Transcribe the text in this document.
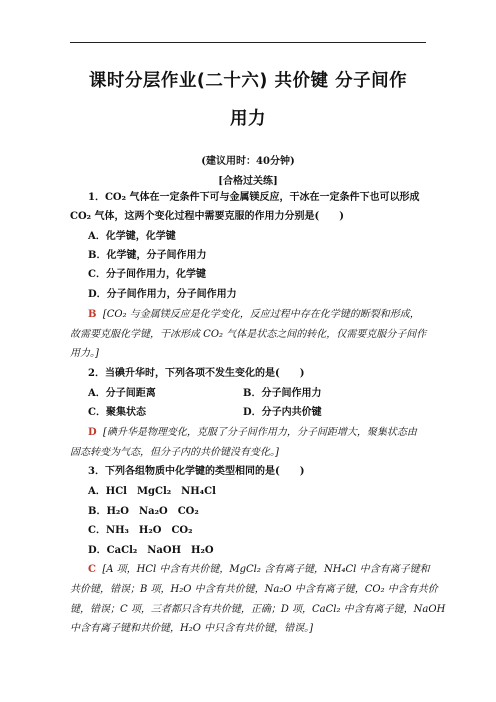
课时分层作业(二十六) 共价键 分子间作
用力
(建议用时：40分钟)
[合格过关练]
1．CO₂ 气体在一定条件下可与金属镁反应，干冰在一定条件下也可以形成
CO₂ 气体，这两个变化过程中需要克服的作用力分别是(　　)
A．化学键，化学键
B．化学键，分子间作用力
C．分子间作用力，化学键
D．分子间作用力，分子间作用力
B [CO₂ 与金属镁反应是化学变化，反应过程中存在化学键的断裂和形成，
故需要克服化学键，干冰形成 CO₂ 气体是状态之间的转化，仅需要克服分子间作
用力。]
2．当碘升华时，下列各项不发生变化的是(　　)
A．分子间距离	B．分子间作用力
C．聚集状态	D．分子内共价键
D [碘升华是物理变化，克服了分子间作用力，分子间距增大，聚集状态由
固态转变为气态，但分子内的共价键没有变化。]
3．下列各组物质中化学键的类型相同的是(　　)
A．HCl　MgCl₂　NH₄Cl
B．H₂O　Na₂O　CO₂
C．NH₃　H₂O　CO₂
D．CaCl₂　NaOH　H₂O
C [A 项，HCl 中含有共价键，MgCl₂ 含有离子键，NH₄Cl 中含有离子键和
共价键，错误；B 项，H₂O 中含有共价键，Na₂O 中含有离子键，CO₂ 中含有共价
键，错误；C 项，三者都只含有共价键，正确；D 项，CaCl₂ 中含有离子键，NaOH
中含有离子键和共价键，H₂O 中只含有共价键，错误。]
